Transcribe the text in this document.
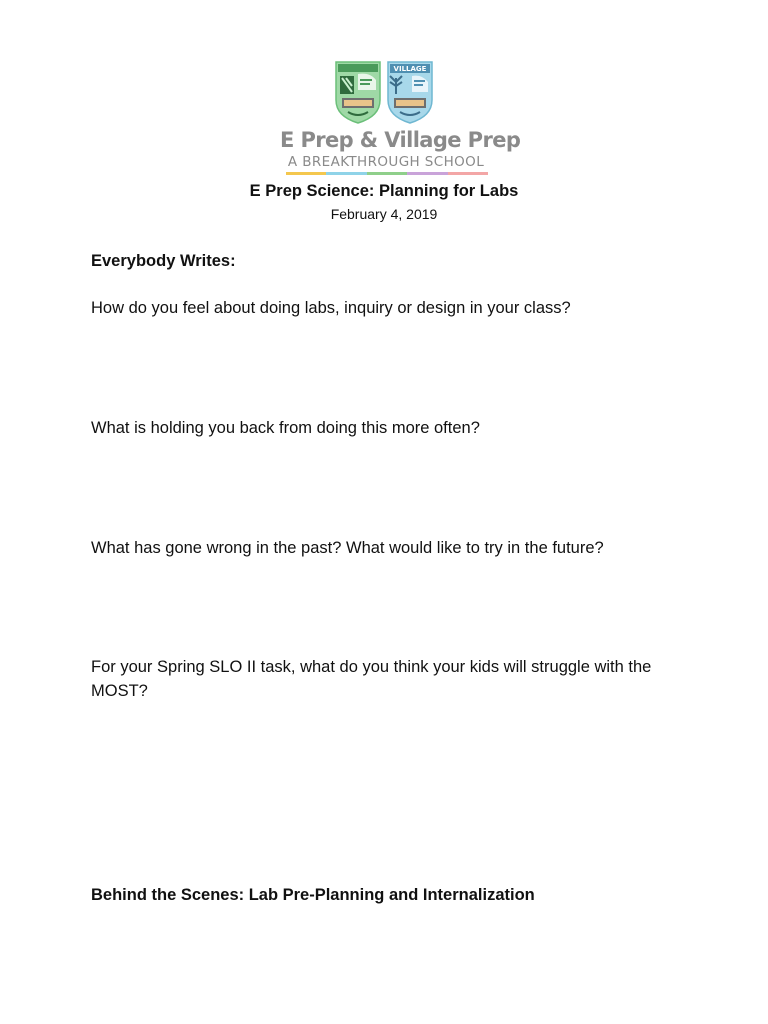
VILLAGE
E Prep & Village Prep
A BREAKTHROUGH SCHOOL
E Prep Science: Planning for Labs
February 4, 2019
Everybody Writes:
How do you feel about doing labs, inquiry or design in your class?
What is holding you back from doing this more often?
What has gone wrong in the past? What would like to try in the future?
For your Spring SLO II task, what do you think your kids will struggle with the MOST?
Behind the Scenes: Lab Pre-Planning and Internalization
